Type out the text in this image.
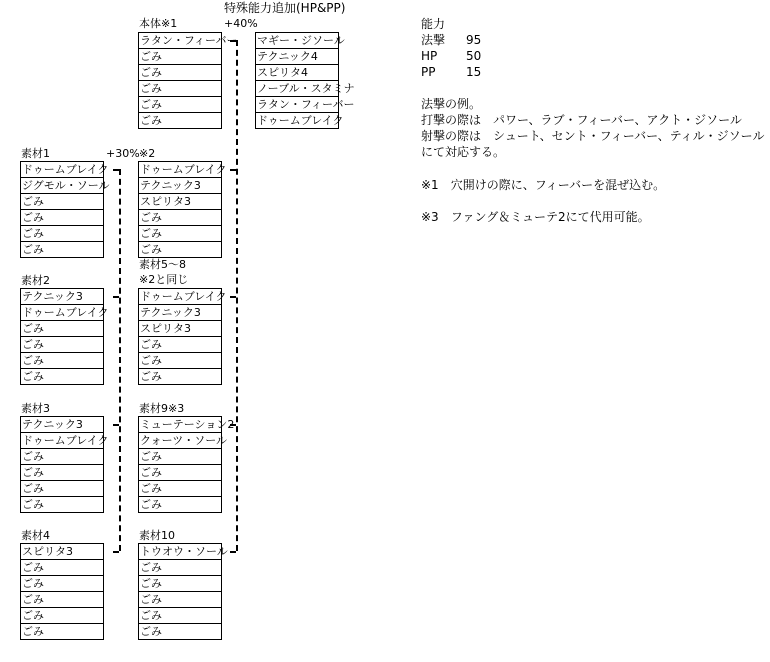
特殊能力追加(HP&PP)
本体※1	+40%
ラタン・フィーバー
ごみ
ごみ
ごみ
ごみ
ごみ
マギー・ジソール
テクニック4
スピリタ4
ノーブル・スタミナ
ラタン・フィーバー
ドゥームブレイク
+30%
素材1
ドゥームブレイク
ジグモル・ソール
ごみ
ごみ
ごみ
ごみ
素材2
テクニック3
ドゥームブレイク
ごみ
ごみ
ごみ
ごみ
素材3
テクニック3
ドゥームブレイク
ごみ
ごみ
ごみ
ごみ
素材4
スピリタ3
ごみ
ごみ
ごみ
ごみ
ごみ
※2
ドゥームブレイク
テクニック3
スピリタ3
ごみ
ごみ
ごみ
素材5～8
※2と同じ
ドゥームブレイク
テクニック3
スピリタ3
ごみ
ごみ
ごみ
素材9※3
ミューテーション2
クォーツ・ソール
ごみ
ごみ
ごみ
ごみ
素材10
トウオウ・ソール
ごみ
ごみ
ごみ
ごみ
ごみ
能力
法撃 95
HP 50
PP	15
法撃の例。
打撃の際は　パワー、ラブ・フィーバー、アクト・ジソール
射撃の際は　シュート、セント・フィーバー、ティル・ジソール
にて対応する。
※1　穴開けの際に、フィーバーを混ぜ込む。
※3　ファング＆ミューテ2にて代用可能。
